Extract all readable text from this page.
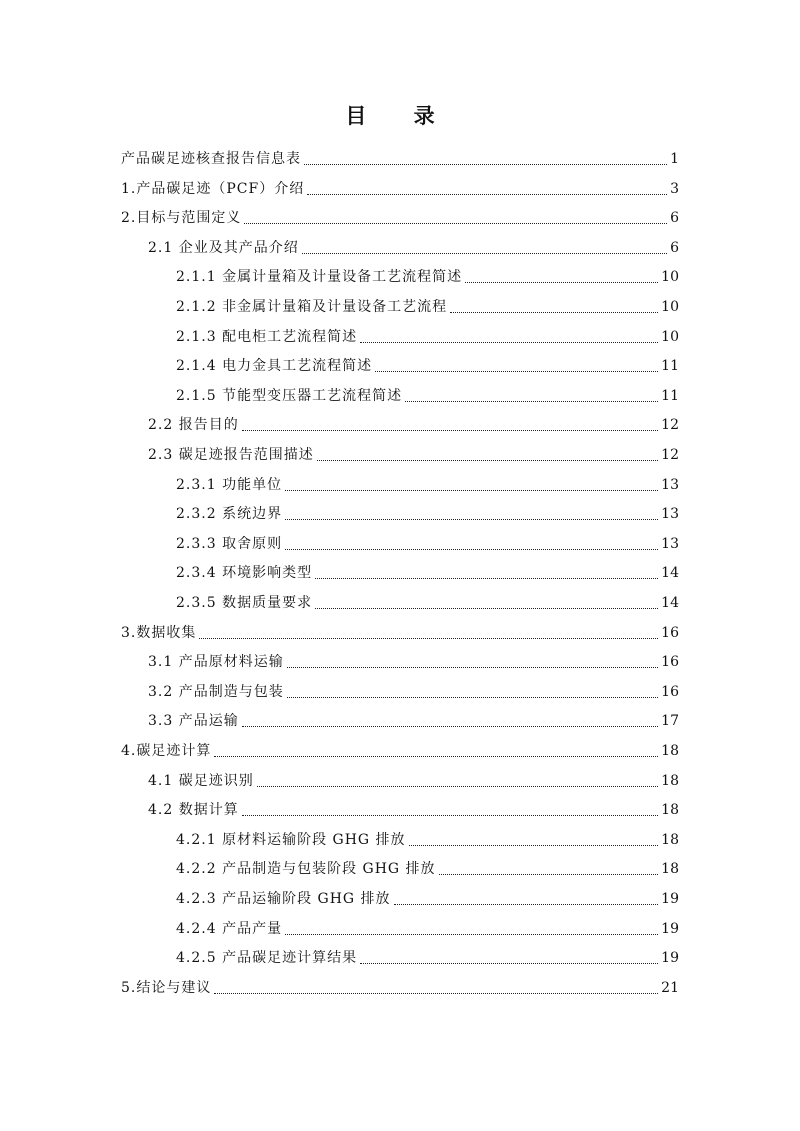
目 录
产品碳足迹核查报告信息表	1
1.产品碳足迹（PCF）介绍	3
2.目标与范围定义	6
2.1 企业及其产品介绍	6
2.1.1 金属计量箱及计量设备工艺流程简述	10
2.1.2 非金属计量箱及计量设备工艺流程	10
2.1.3 配电柜工艺流程简述	10
2.1.4 电力金具工艺流程简述	11
2.1.5 节能型变压器工艺流程简述	11
2.2 报告目的	12
2.3 碳足迹报告范围描述	12
2.3.1 功能单位	13
2.3.2 系统边界	13
2.3.3 取舍原则	13
2.3.4 环境影响类型	14
2.3.5 数据质量要求	14
3.数据收集	16
3.1 产品原材料运输	16
3.2 产品制造与包装	16
3.3 产品运输	17
4.碳足迹计算	18
4.1 碳足迹识别	18
4.2 数据计算	18
4.2.1 原材料运输阶段 GHG 排放	18
4.2.2 产品制造与包装阶段 GHG 排放	18
4.2.3 产品运输阶段 GHG 排放	19
4.2.4 产品产量	19
4.2.5 产品碳足迹计算结果	19
5.结论与建议	21
